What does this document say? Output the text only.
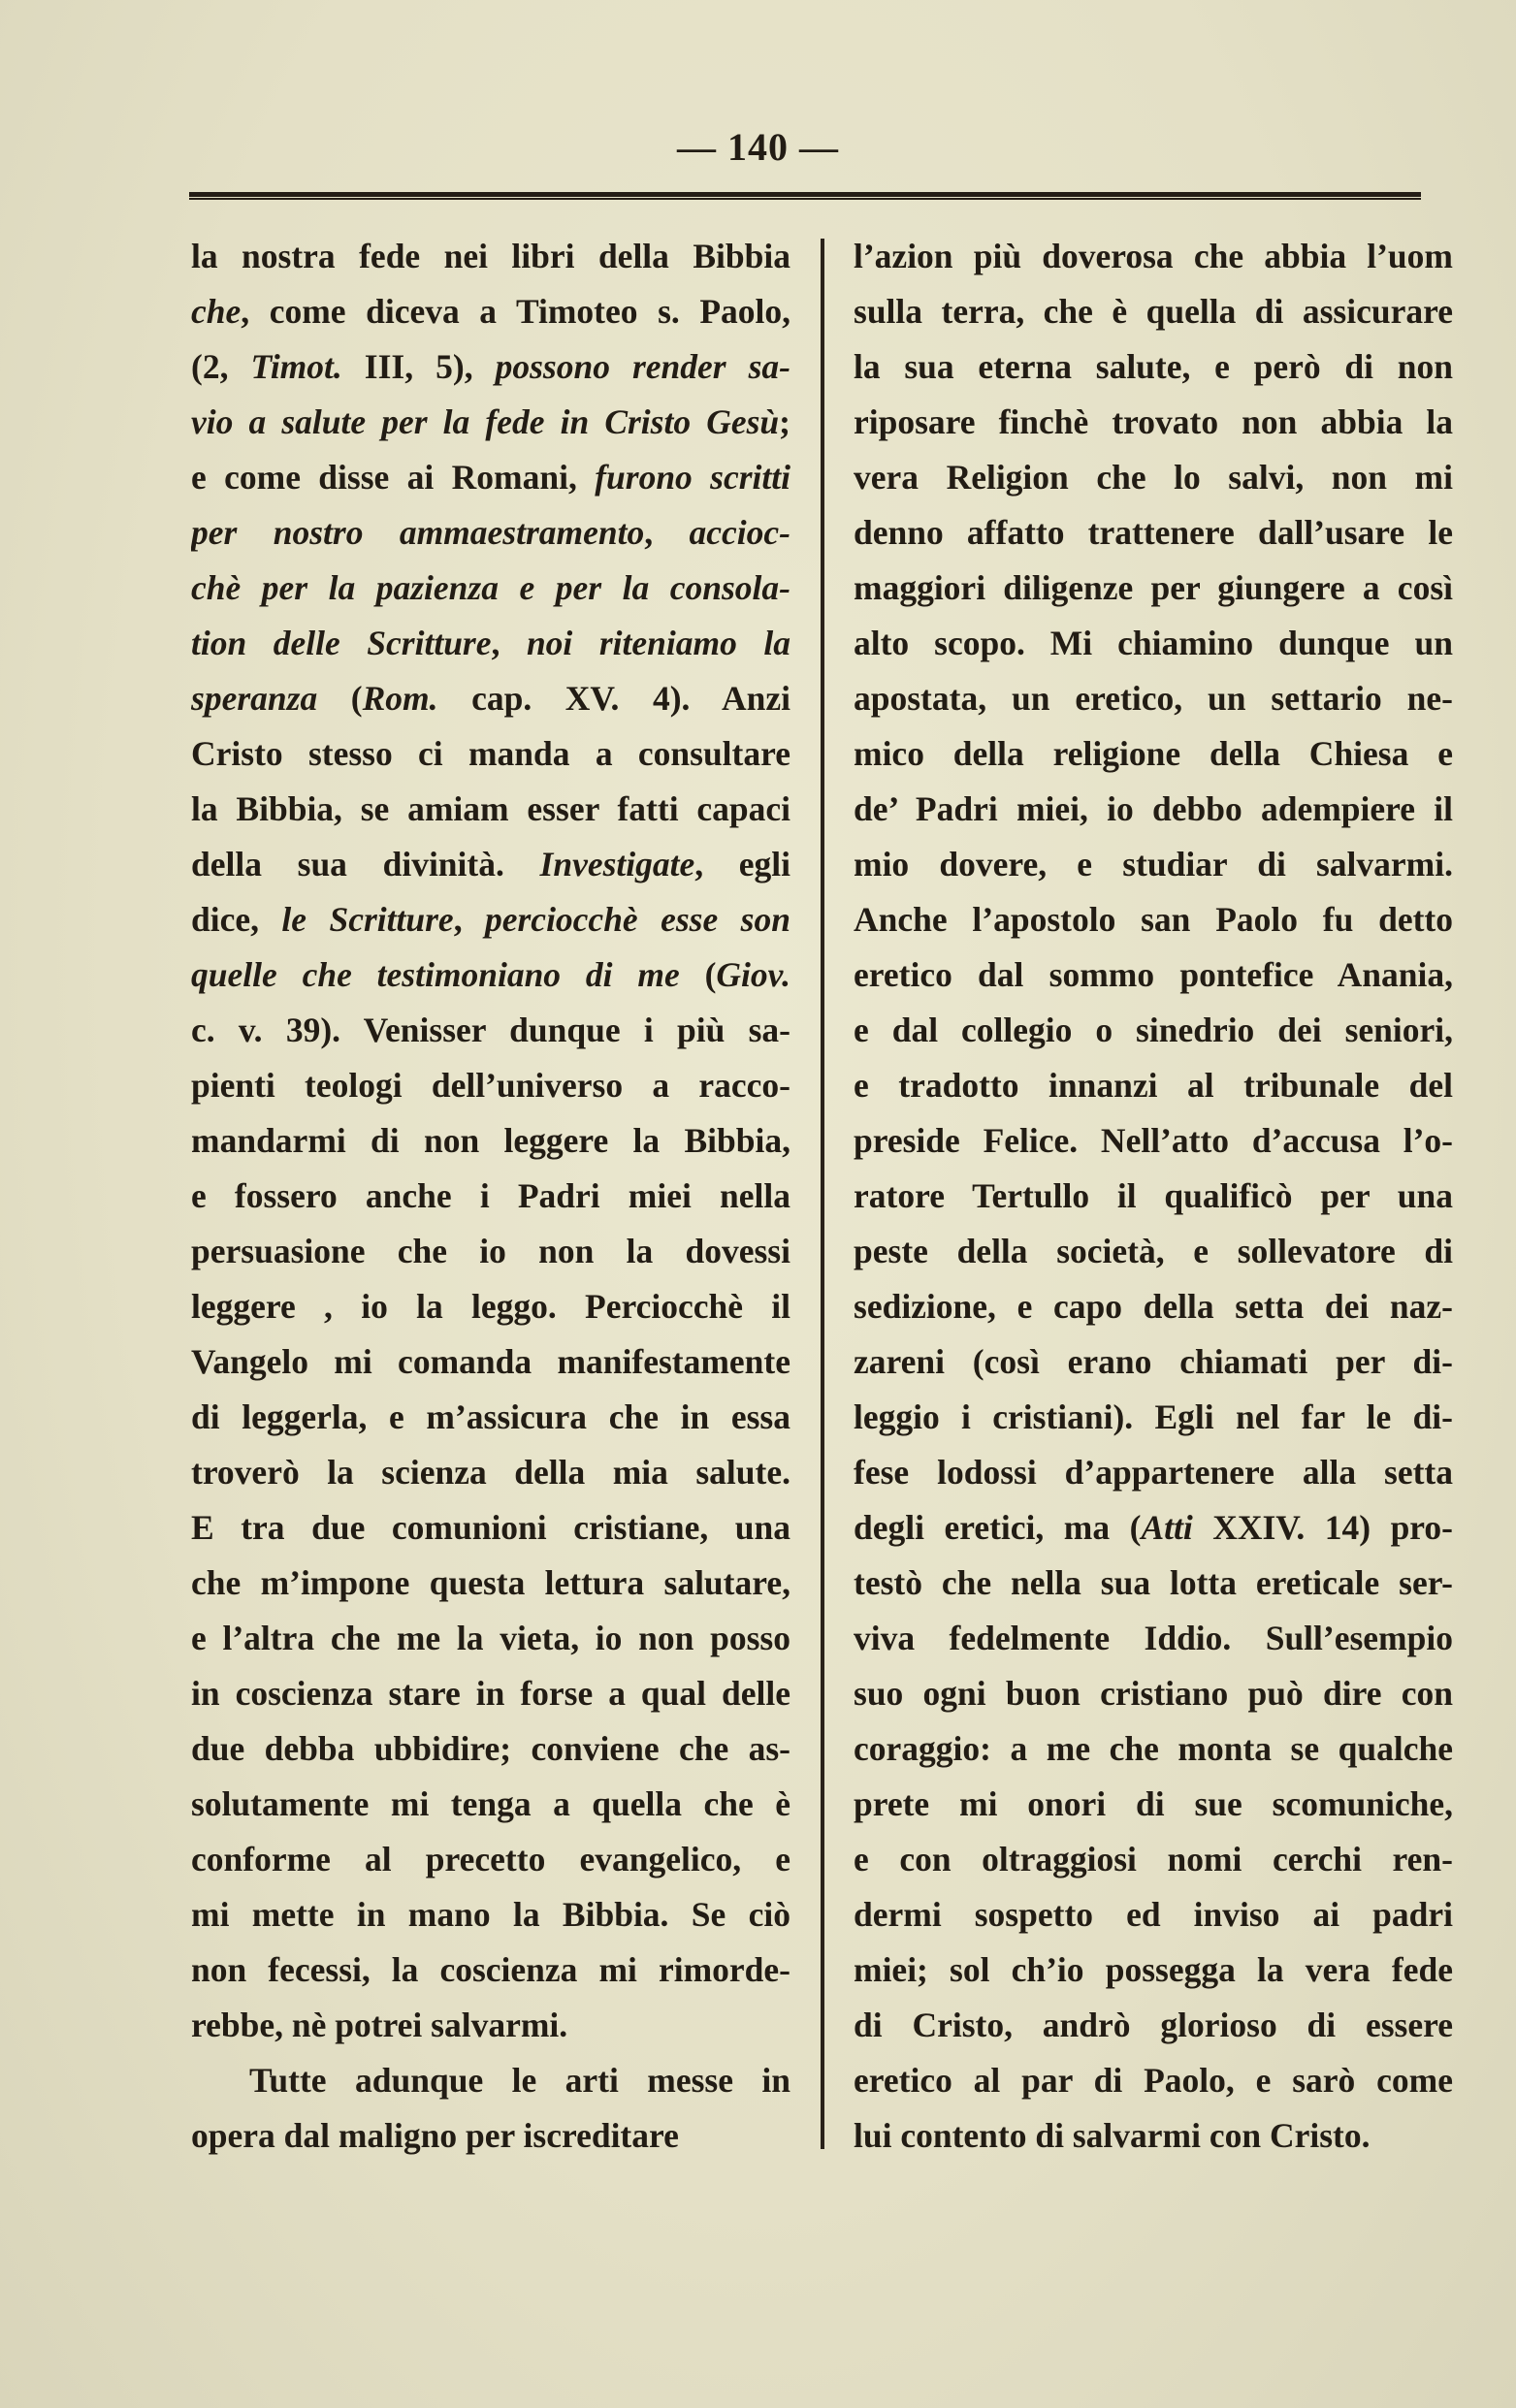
— 140 —
la nostra fede nei libri della Bibbia
che, come diceva a Timoteo s. Paolo,
(2, Timot. III, 5), possono render sa-
vio a salute per la fede in Cristo Gesù;
e come disse ai Romani, furono scritti
per nostro ammaestramento, accioc-
chè per la pazienza e per la consola-
tion delle Scritture, noi riteniamo la
speranza (Rom. cap. XV. 4). Anzi
Cristo stesso ci manda a consultare
la Bibbia, se amiam esser fatti capaci
della sua divinità. Investigate, egli
dice, le Scritture, perciocchè esse son
quelle che testimoniano di me (Giov.
c. v. 39). Venisser dunque i più sa-
pienti teologi dell’universo a racco-
mandarmi di non leggere la Bibbia,
e fossero anche i Padri miei nella
persuasione che io non la dovessi
leggere , io la leggo. Perciocchè il
Vangelo mi comanda manifestamente
di leggerla, e m’assicura che in essa
troverò la scienza della mia salute.
E tra due comunioni cristiane, una
che m’impone questa lettura salutare,
e l’altra che me la vieta, io non posso
in coscienza stare in forse a qual delle
due debba ubbidire; conviene che as-
solutamente mi tenga a quella che è
conforme al precetto evangelico, e
mi mette in mano la Bibbia. Se ciò
non fecessi, la coscienza mi rimorde-
rebbe, nè potrei salvarmi.
Tutte adunque le arti messe in
opera dal maligno per iscreditare
l’azion più doverosa che abbia l’uom
sulla terra, che è quella di assicurare
la sua eterna salute, e però di non
riposare finchè trovato non abbia la
vera Religion che lo salvi, non mi
denno affatto trattenere dall’usare le
maggiori diligenze per giungere a così
alto scopo. Mi chiamino dunque un
apostata, un eretico, un settario ne-
mico della religione della Chiesa e
de’ Padri miei, io debbo adempiere il
mio dovere, e studiar di salvarmi.
Anche l’apostolo san Paolo fu detto
eretico dal sommo pontefice Anania,
e dal collegio o sinedrio dei seniori,
e tradotto innanzi al tribunale del
preside Felice. Nell’atto d’accusa l’o-
ratore Tertullo il qualificò per una
peste della società, e sollevatore di
sedizione, e capo della setta dei naz-
zareni (così erano chiamati per di-
leggio i cristiani). Egli nel far le di-
fese lodossi d’appartenere alla setta
degli eretici, ma (Atti XXIV. 14) pro-
testò che nella sua lotta ereticale ser-
viva fedelmente Iddio. Sull’esempio
suo ogni buon cristiano può dire con
coraggio: a me che monta se qualche
prete mi onori di sue scomuniche,
e con oltraggiosi nomi cerchi ren-
dermi sospetto ed inviso ai padri
miei; sol ch’io possegga la vera fede
di Cristo, andrò glorioso di essere
eretico al par di Paolo, e sarò come
lui contento di salvarmi con Cristo.
